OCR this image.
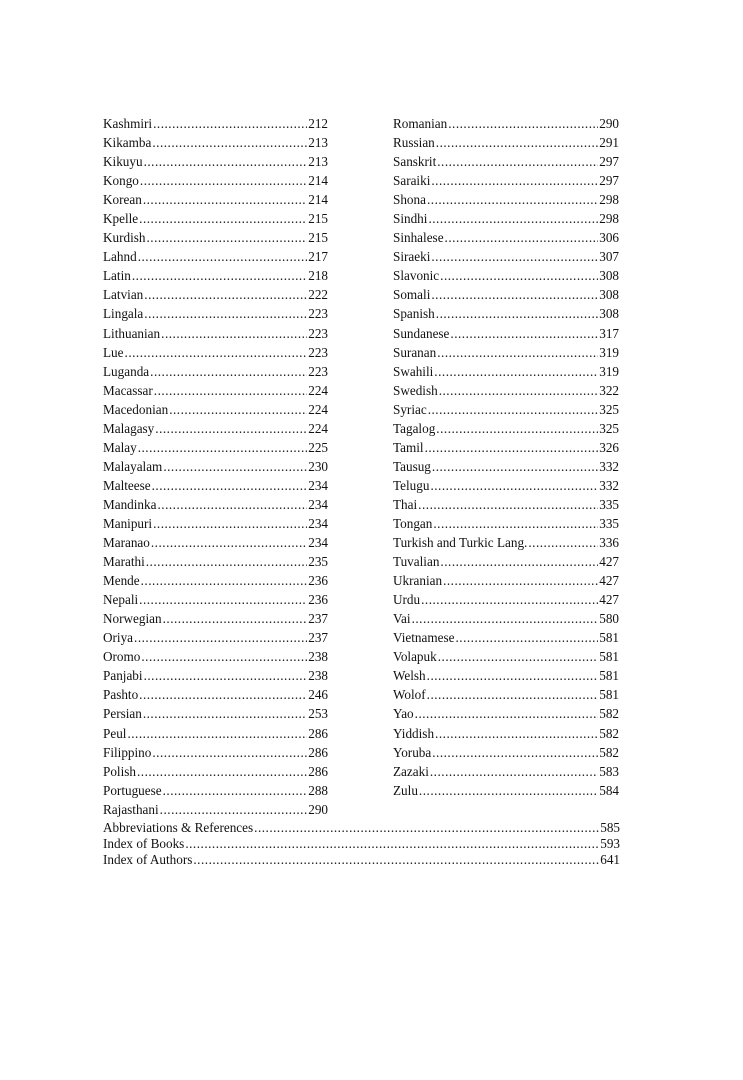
Kashmiri .....	212
Kikamba .....	213
Kikuyu .....	213
Kongo .....	214
Korean .....	214
Kpelle .....	215
Kurdish .....	215
Lahnd .....	217
Latin .....	218
Latvian .....	222
Lingala .....	223
Lithuanian .....	223
Lue .....	223
Luganda .....	223
Macassar .....	224
Macedonian .....	224
Malagasy .....	224
Malay .....	225
Malayalam .....	230
Malteese .....	234
Mandinka .....	234
Manipuri .....	234
Maranao .....	234
Marathi .....	235
Mende .....	236
Nepali .....	236
Norwegian .....	237
Oriya .....	237
Oromo .....	238
Panjabi .....	238
Pashto .....	246
Persian .....	253
Peul .....	286
Filippino .....	286
Polish .....	286
Portuguese .....	288
Rajasthani .....	290
Romanian .....	290
Russian .....	291
Sanskrit .....	297
Saraiki .....	297
Shona .....	298
Sindhi .....	298
Sinhalese .....	306
Siraeki .....	307
Slavonic .....	308
Somali .....	308
Spanish .....	308
Sundanese .....	317
Suranan .....	319
Swahili .....	319
Swedish .....	322
Syriac .....	325
Tagalog .....	325
Tamil .....	326
Tausug .....	332
Telugu .....	332
Thai .....	335
Tongan .....	335
Turkish and Turkic Lang. .....	336
Tuvalian .....	427
Ukranian .....	427
Urdu .....	427
Vai .....	580
Vietnamese .....	581
Volapuk .....	581
Welsh .....	581
Wolof .....	581
Yao .....	582
Yiddish .....	582
Yoruba .....	582
Zazaki .....	583
Zulu .....	584
Abbreviations & References .....	585
Index of Books .....	593
Index of Authors .....	641
